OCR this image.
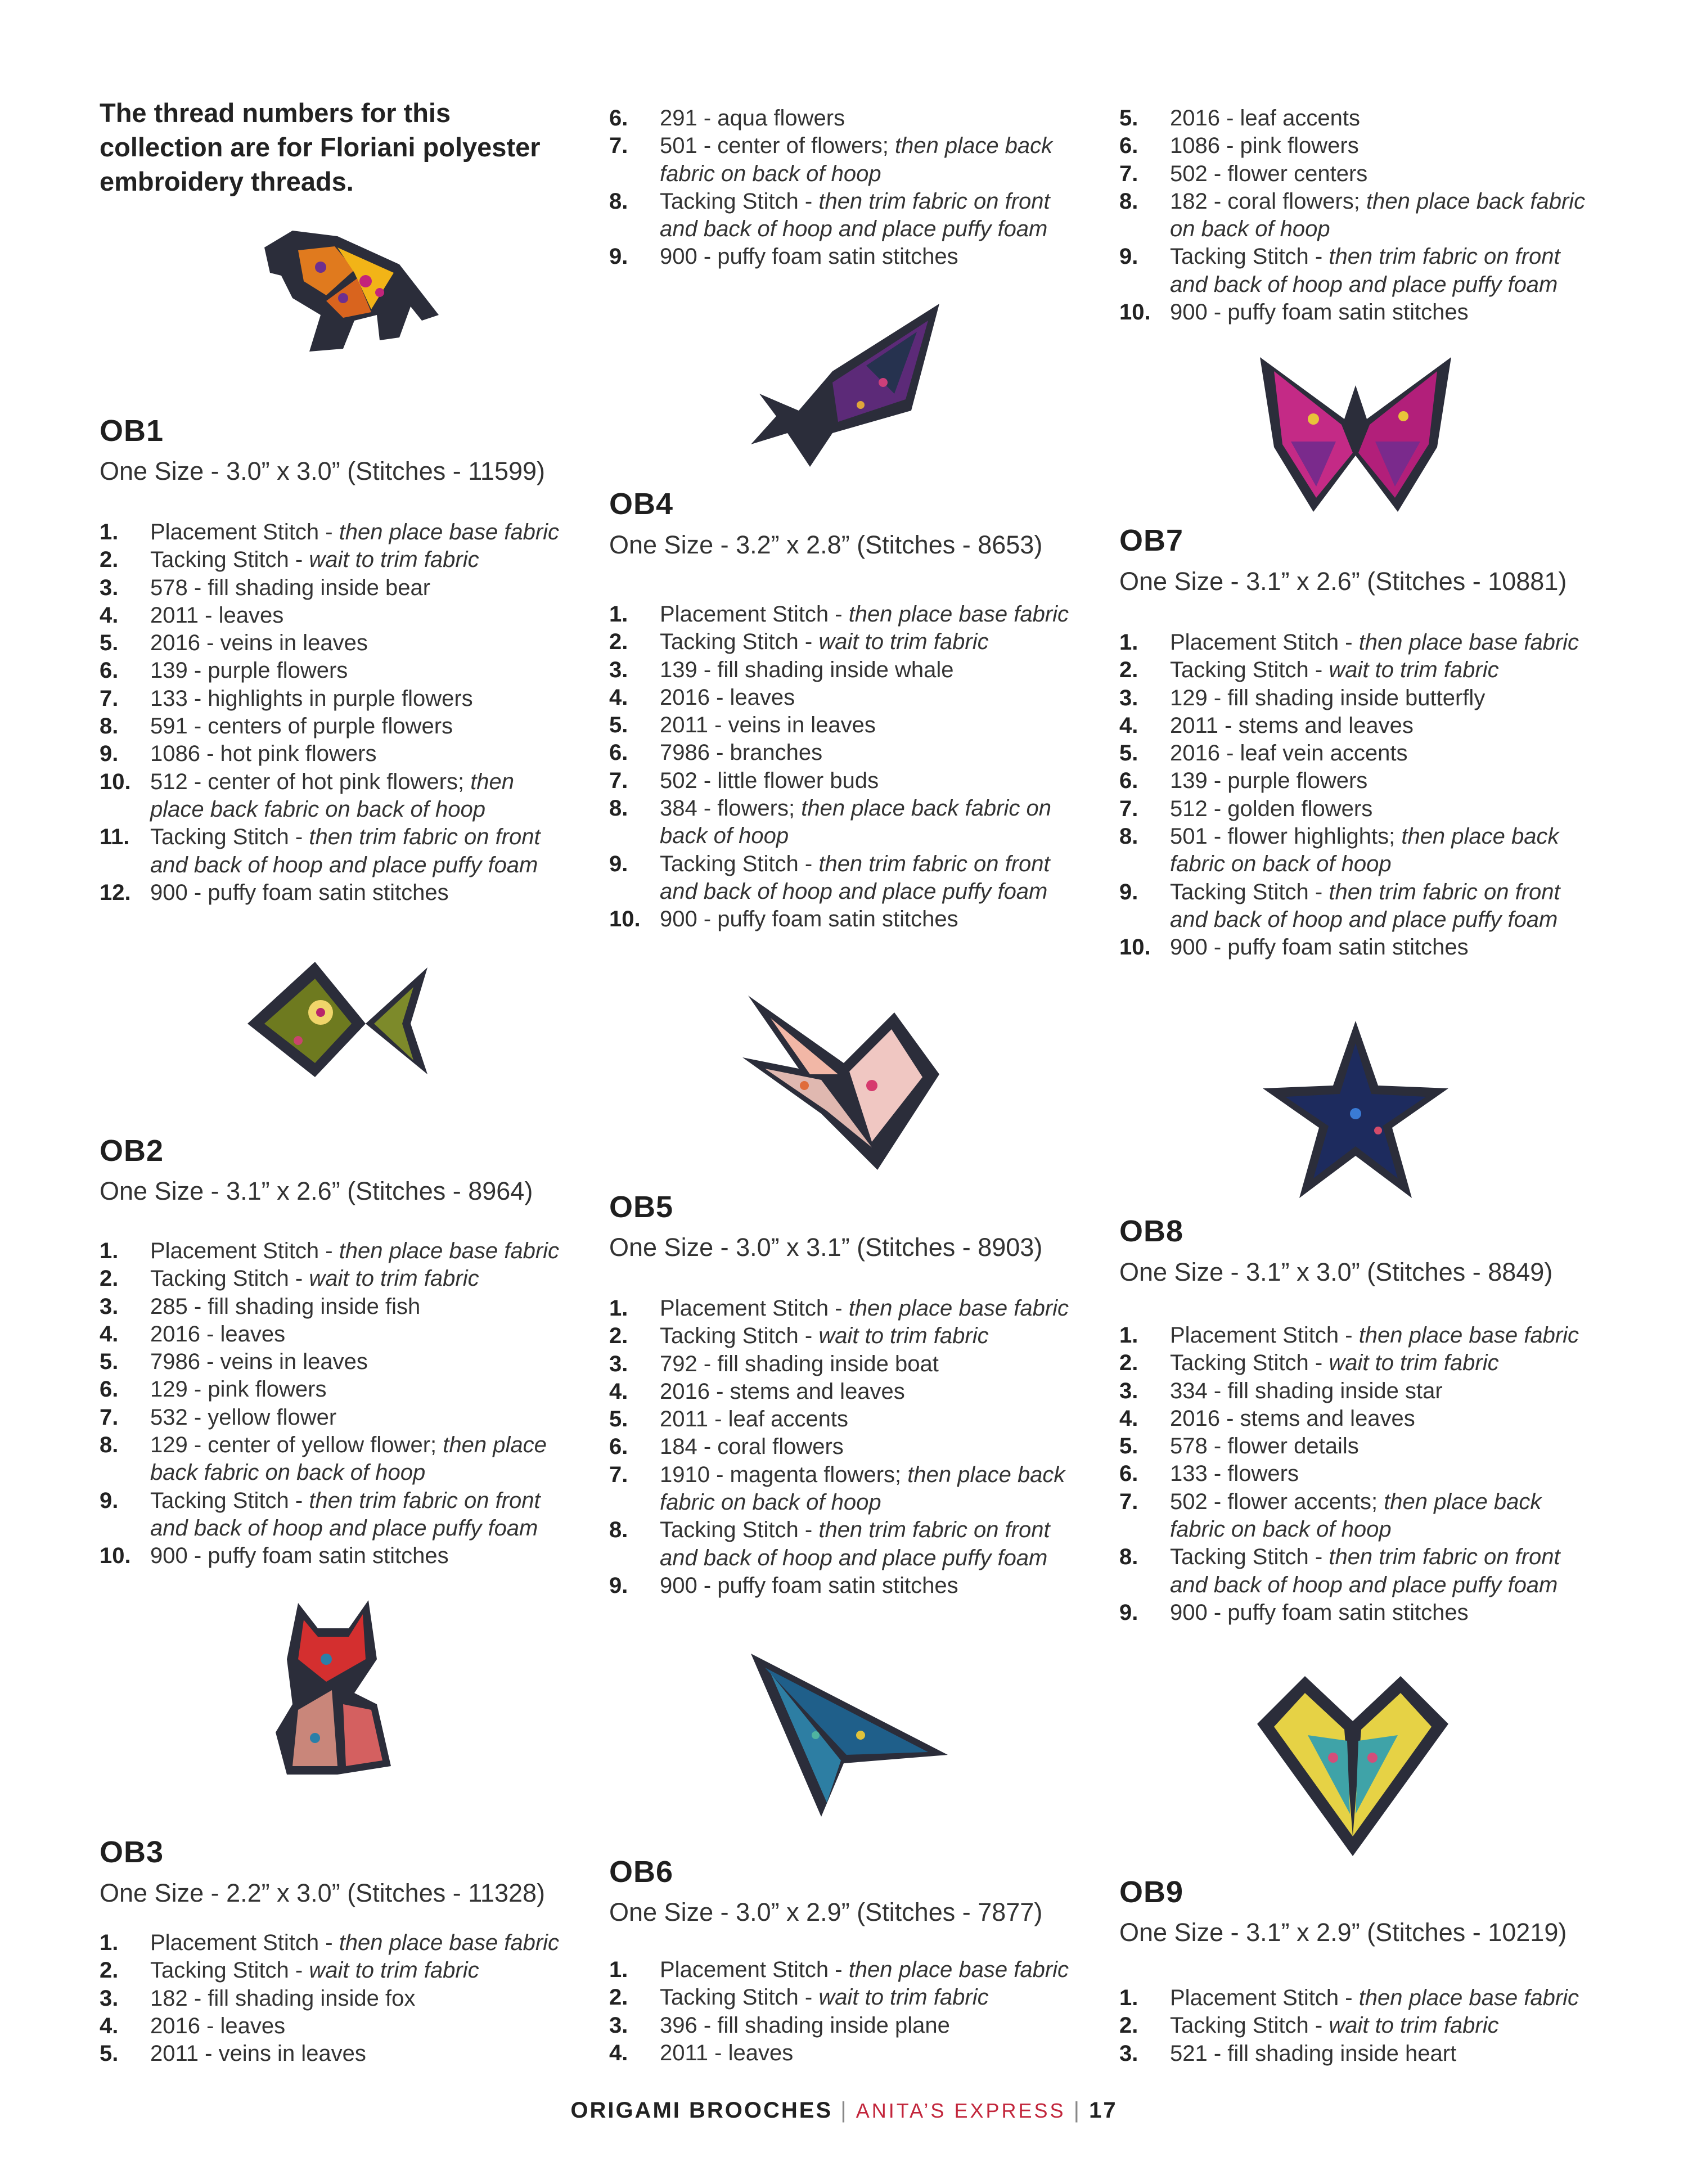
The thread numbers for this collection are for Floriani polyester embroidery threads.
6. 291 - aqua flowers
7. 501 - center of flowers; then place back fabric on back of hoop
8. Tacking Stitch - then trim fabric on front and back of hoop and place puffy foam
9. 900 - puffy foam satin stitches
5. 2016 - leaf accents
6. 1086 - pink flowers
7. 502 - flower centers
8. 182 - coral flowers; then place back fabric on back of hoop
9. Tacking Stitch - then trim fabric on front and back of hoop and place puffy foam
10. 900 - puffy foam satin stitches
OB1
One Size - 3.0” x 3.0” (Stitches - 11599)
1. Placement Stitch - then place base fabric
2. Tacking Stitch - wait to trim fabric
3. 578 - fill shading inside bear
4. 2011 - leaves
5. 2016 - veins in leaves
6. 139 - purple flowers
7. 133 - highlights in purple flowers
8. 591 - centers of purple flowers
9. 1086 - hot pink flowers
10. 512 - center of hot pink flowers; then place back fabric on back of hoop
11. Tacking Stitch - then trim fabric on front and back of hoop and place puffy foam
12. 900 - puffy foam satin stitches
OB2
One Size - 3.1” x 2.6” (Stitches - 8964)
1. Placement Stitch - then place base fabric
2. Tacking Stitch - wait to trim fabric
3. 285 - fill shading inside fish
4. 2016 - leaves
5. 7986 - veins in leaves
6. 129 - pink flowers
7. 532 - yellow flower
8. 129 - center of yellow flower; then place back fabric on back of hoop
9. Tacking Stitch - then trim fabric on front and back of hoop and place puffy foam
10. 900 - puffy foam satin stitches
OB3
One Size - 2.2” x 3.0” (Stitches - 11328)
1. Placement Stitch - then place base fabric
2. Tacking Stitch - wait to trim fabric
3. 182 - fill shading inside fox
4. 2016 - leaves
5. 2011 - veins in leaves
OB4
One Size - 3.2” x 2.8” (Stitches - 8653)
1. Placement Stitch - then place base fabric
2. Tacking Stitch - wait to trim fabric
3. 139 - fill shading inside whale
4. 2016 - leaves
5. 2011 - veins in leaves
6. 7986 - branches
7. 502 - little flower buds
8. 384 - flowers; then place back fabric on back of hoop
9. Tacking Stitch - then trim fabric on front and back of hoop and place puffy foam
10. 900 - puffy foam satin stitches
OB5
One Size - 3.0” x 3.1” (Stitches - 8903)
1. Placement Stitch - then place base fabric
2. Tacking Stitch - wait to trim fabric
3. 792 - fill shading inside boat
4. 2016 - stems and leaves
5. 2011 - leaf accents
6. 184 - coral flowers
7. 1910 - magenta flowers; then place back fabric on back of hoop
8. Tacking Stitch - then trim fabric on front and back of hoop and place puffy foam
9. 900 - puffy foam satin stitches
OB6
One Size - 3.0” x 2.9” (Stitches - 7877)
1. Placement Stitch - then place base fabric
2. Tacking Stitch - wait to trim fabric
3. 396 - fill shading inside plane
4. 2011 - leaves
OB7
One Size - 3.1” x 2.6” (Stitches - 10881)
1. Placement Stitch - then place base fabric
2. Tacking Stitch - wait to trim fabric
3. 129 - fill shading inside butterfly
4. 2011 - stems and leaves
5. 2016 - leaf vein accents
6. 139 - purple flowers
7. 512 - golden flowers
8. 501 - flower highlights; then place back fabric on back of hoop
9. Tacking Stitch - then trim fabric on front and back of hoop and place puffy foam
10. 900 - puffy foam satin stitches
OB8
One Size - 3.1” x 3.0” (Stitches - 8849)
1. Placement Stitch - then place base fabric
2. Tacking Stitch - wait to trim fabric
3. 334 - fill shading inside star
4. 2016 - stems and leaves
5. 578 - flower details
6. 133 - flowers
7. 502 - flower accents; then place back fabric on back of hoop
8. Tacking Stitch - then trim fabric on front and back of hoop and place puffy foam
9. 900 - puffy foam satin stitches
OB9
One Size - 3.1” x 2.9” (Stitches - 10219)
1. Placement Stitch - then place base fabric
2. Tacking Stitch - wait to trim fabric
3. 521 - fill shading inside heart
ORIGAMI BROOCHES | ANITA’S EXPRESS | 17
